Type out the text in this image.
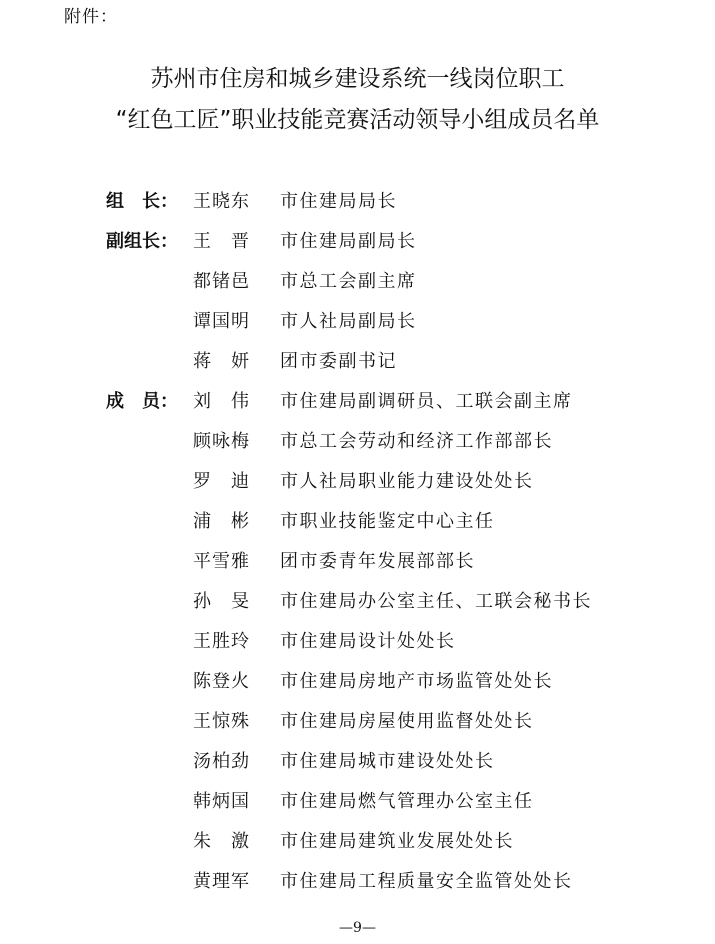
附件：
苏州市住房和城乡建设系统一线岗位职工
“红色工匠”职业技能竞赛活动领导小组成员名单
组　长： 王晓东	市住建局局长
副组长： 王　晋	市住建局副局长
都锗邑	市总工会副主席
谭国明	市人社局副局长
蒋　妍	团市委副书记
成　员： 刘　伟	市住建局副调研员、工联会副主席
顾咏梅	市总工会劳动和经济工作部部长
罗　迪	市人社局职业能力建设处处长
浦　彬	市职业技能鉴定中心主任
平雪雅	团市委青年发展部部长
孙　旻	市住建局办公室主任、工联会秘书长
王胜玲	市住建局设计处处长
陈登火	市住建局房地产市场监管处处长
王惊殊	市住建局房屋使用监督处处长
汤柏劲	市住建局城市建设处处长
韩炳国	市住建局燃气管理办公室主任
朱　激	市住建局建筑业发展处处长
黄理军	市住建局工程质量安全监管处处长
—9—
